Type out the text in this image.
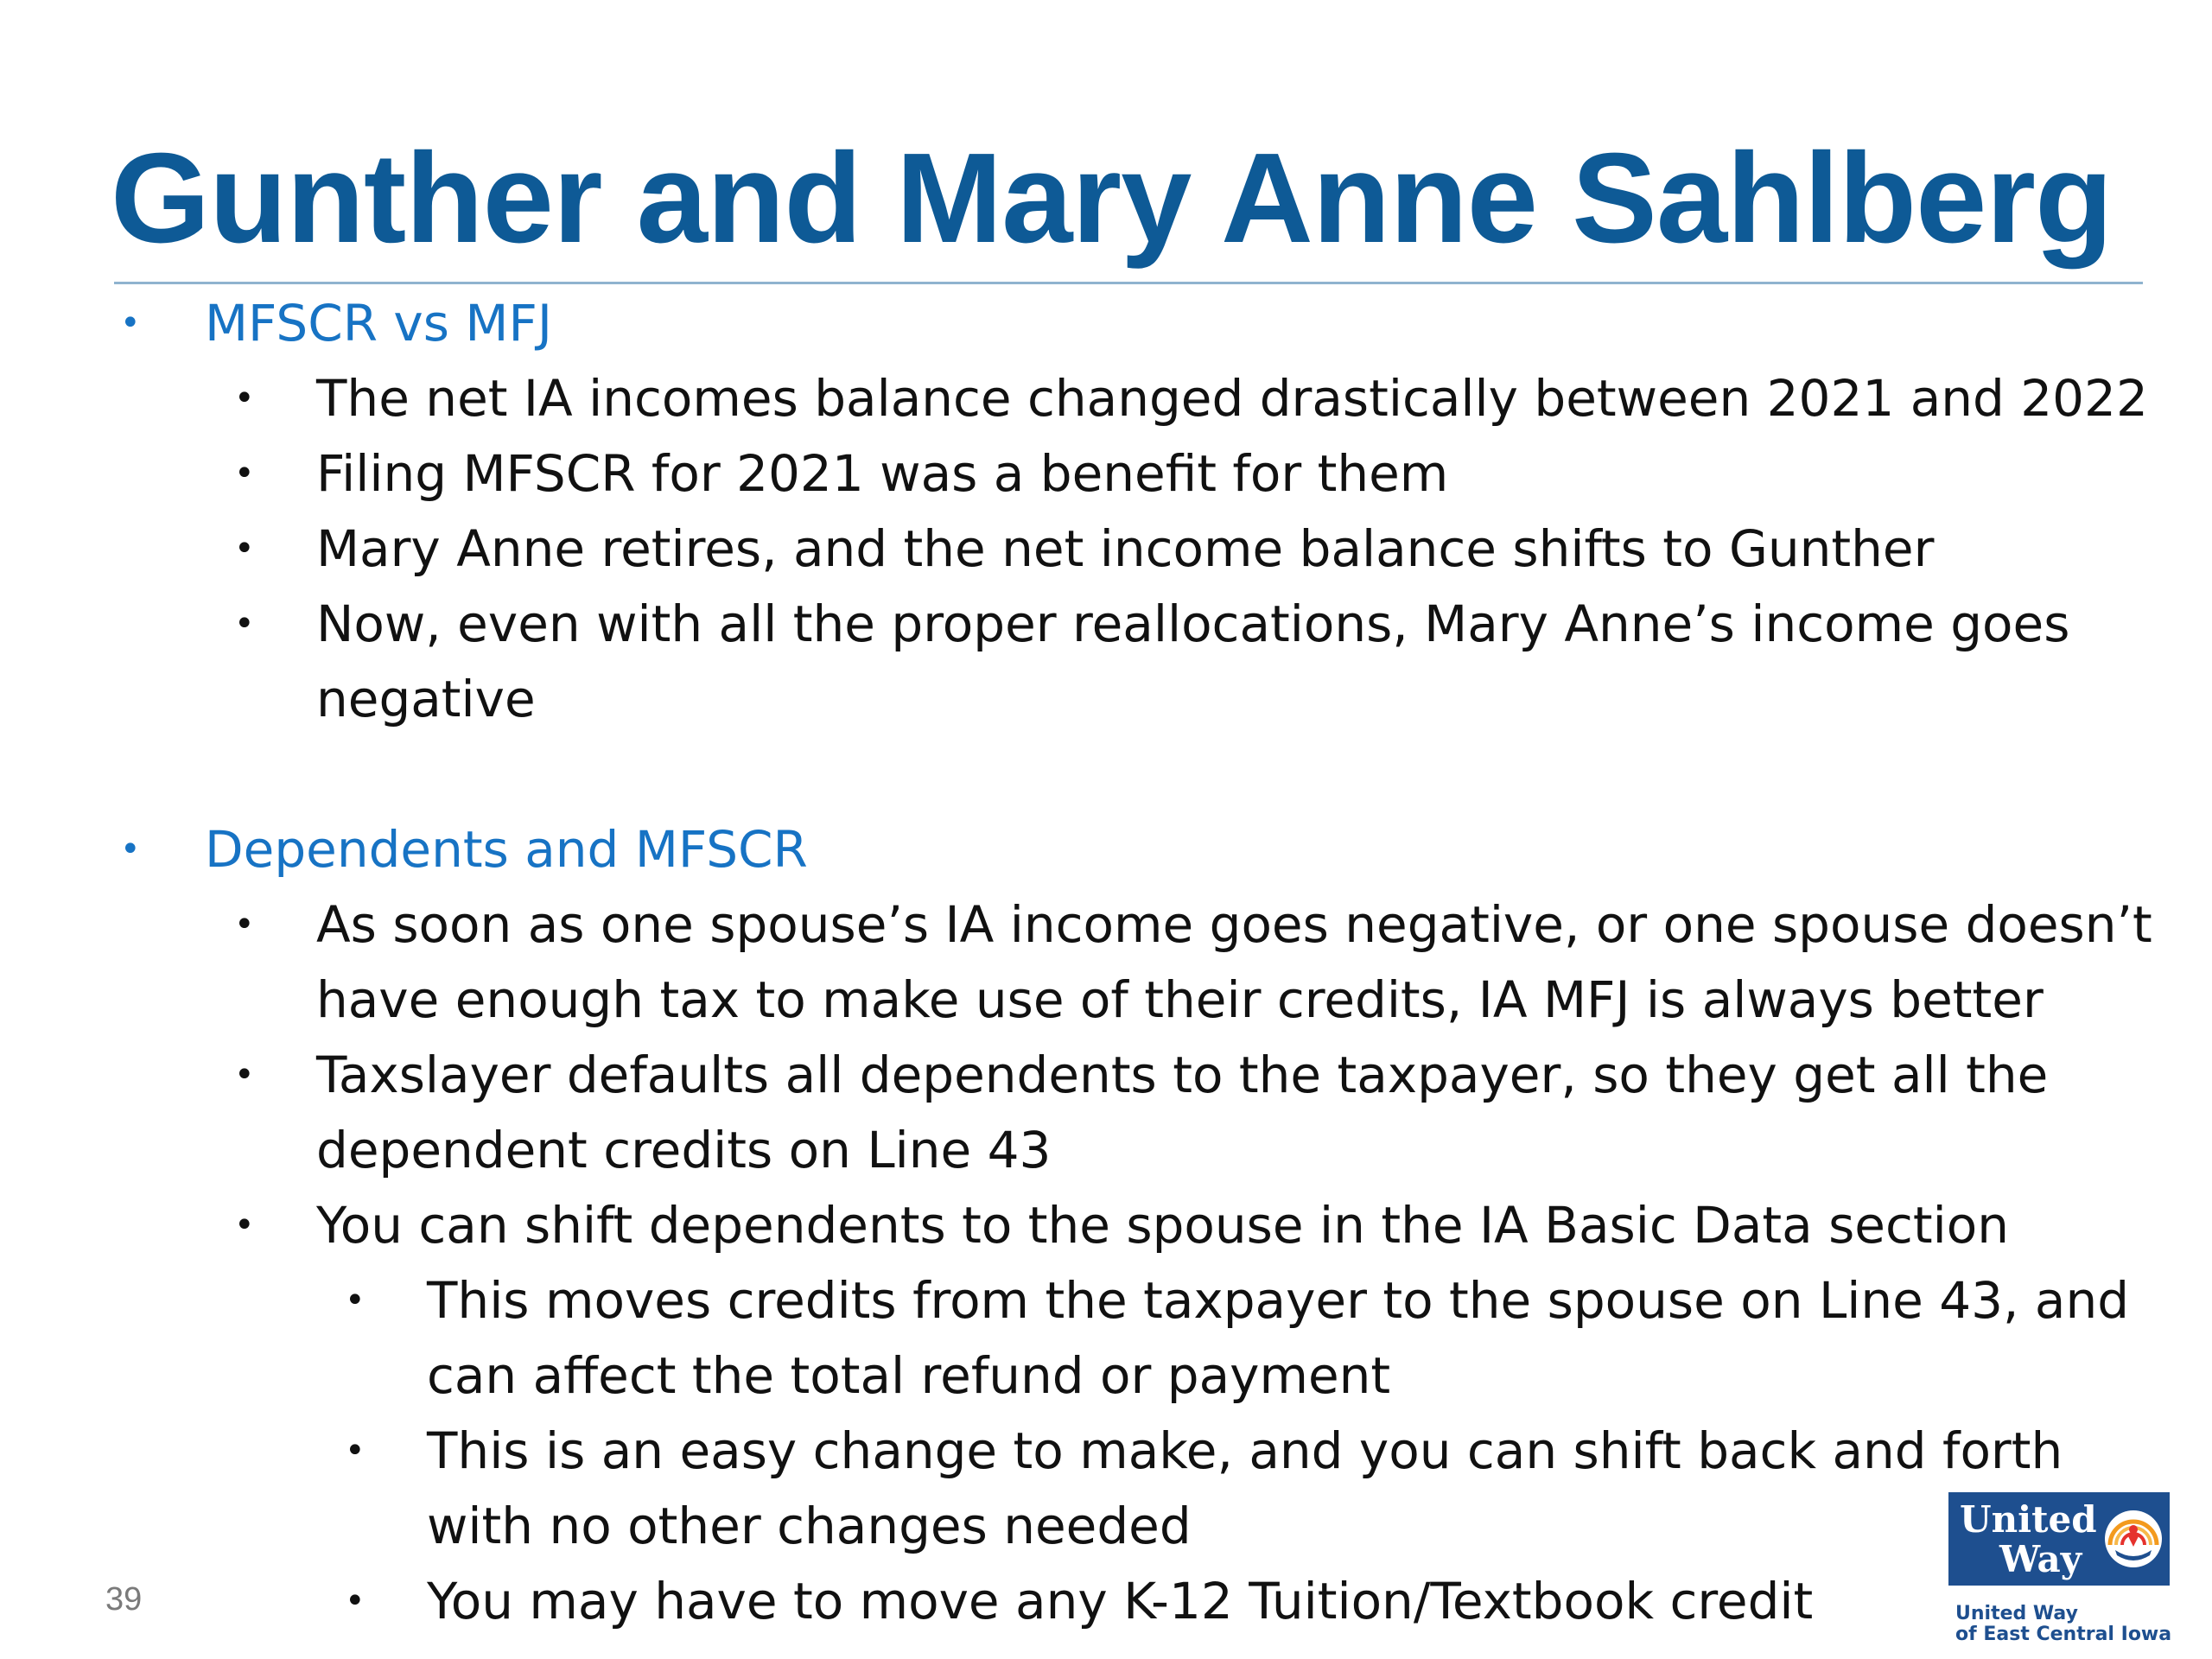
Gunther and Mary Anne Sahlberg
• MFSCR vs MFJ
• The net IA incomes balance changed drastically between 2021 and 2022
• Filing MFSCR for 2021 was a benefit for them
• Mary Anne retires, and the net income balance shifts to Gunther
• Now, even with all the proper reallocations, Mary Anne’s income goes
negative
• Dependents and MFSCR
• As soon as one spouse’s IA income goes negative, or one spouse doesn’t
have enough tax to make use of their credits, IA MFJ is always better
• Taxslayer defaults all dependents to the taxpayer, so they get all the
dependent credits on Line 43
• You can shift dependents to the spouse in the IA Basic Data section
• This moves credits from the taxpayer to the spouse on Line 43, and
can affect the total refund or payment
• This is an easy change to make, and you can shift back and forth
with no other changes needed
• You may have to move any K-12 Tuition/Textbook credit
39
United
Way
United Way
of East Central Iowa
